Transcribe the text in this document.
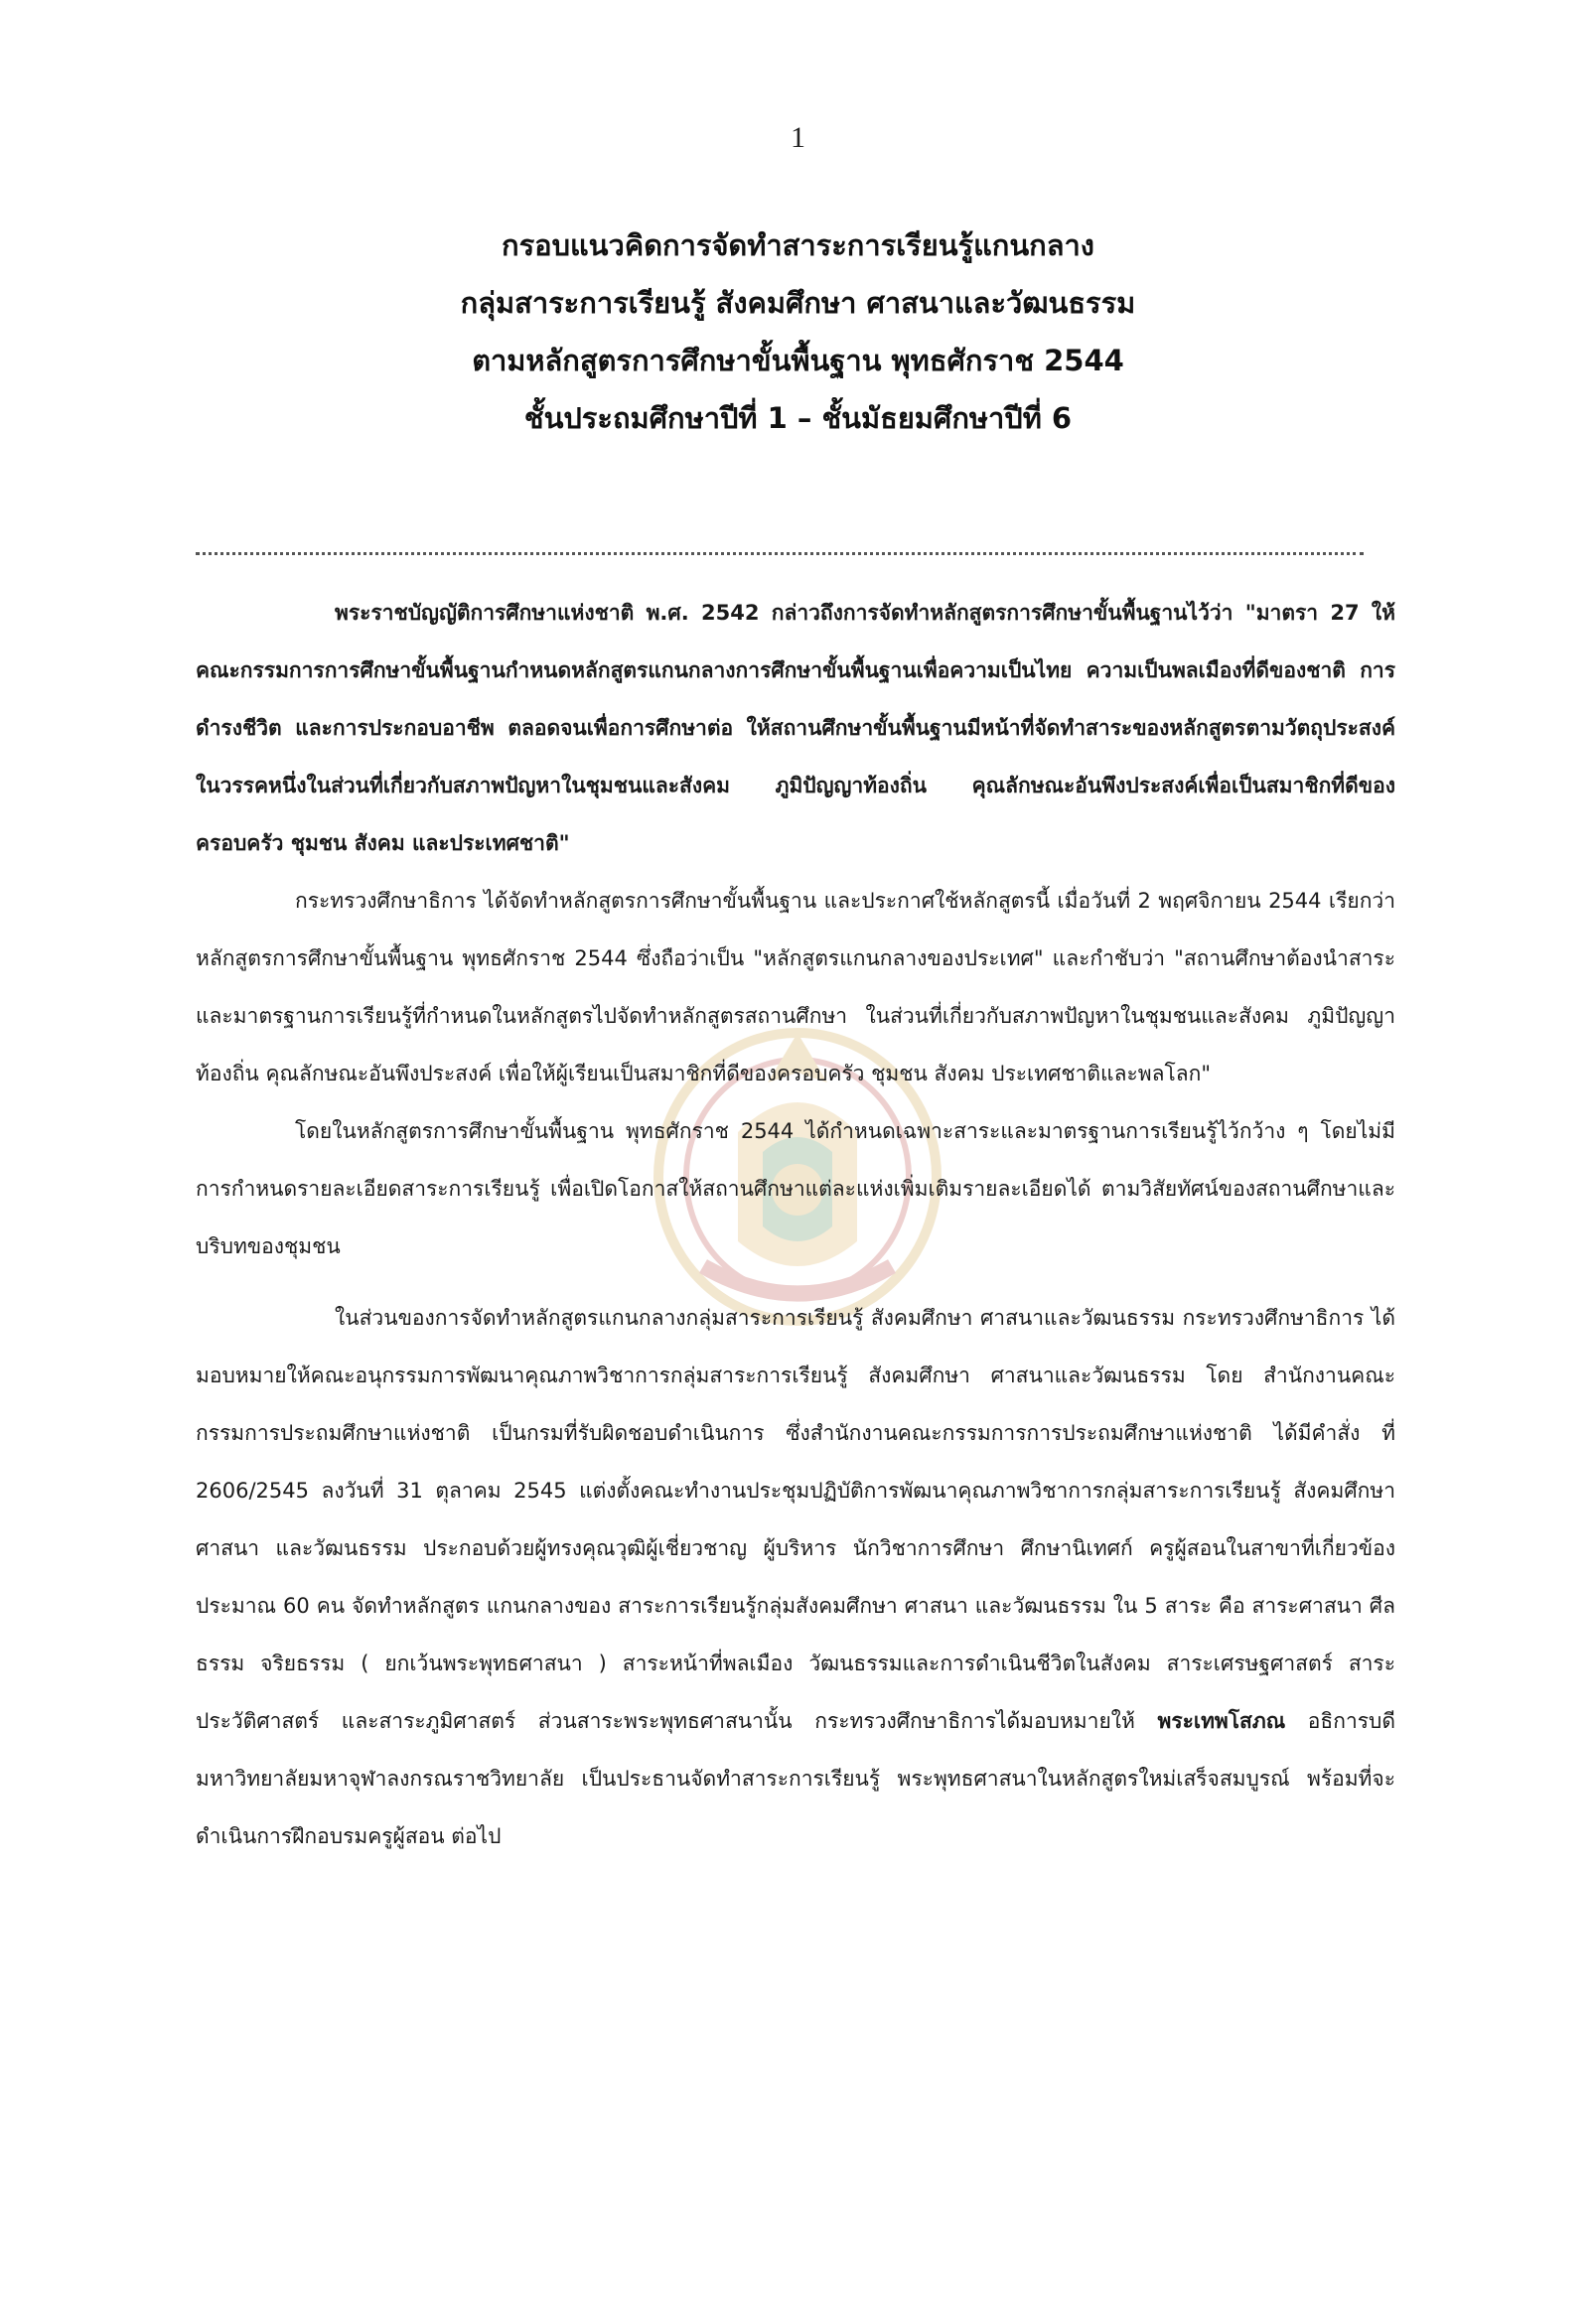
1
กรอบแนวคิดการจัดทำสาระการเรียนรู้แกนกลาง
กลุ่มสาระการเรียนรู้ สังคมศึกษา ศาสนาและวัฒนธรรม
ตามหลักสูตรการศึกษาขั้นพื้นฐาน พุทธศักราช 2544
ชั้นประถมศึกษาปีที่ 1 – ชั้นมัธยมศึกษาปีที่ 6

พระราชบัญญัติการศึกษาแห่งชาติ พ.ศ. 2542 กล่าวถึงการจัดทำหลักสูตรการศึกษาขั้นพื้นฐานไว้ว่า "มาตรา 27 ให้คณะกรรมการการศึกษาขั้นพื้นฐานกำหนดหลักสูตรแกนกลางการศึกษาขั้นพื้นฐานเพื่อความเป็นไทย ความเป็นพลเมืองที่ดีของชาติ การดำรงชีวิต และการประกอบอาชีพ ตลอดจนเพื่อการศึกษาต่อ ให้สถานศึกษาขั้นพื้นฐานมีหน้าที่จัดทำสาระของหลักสูตรตามวัตถุประสงค์ในวรรคหนึ่งในส่วนที่เกี่ยวกับสภาพปัญหาในชุมชนและสังคม ภูมิปัญญาท้องถิ่น คุณลักษณะอันพึงประสงค์เพื่อเป็นสมาชิกที่ดีของครอบครัว ชุมชน สังคม และประเทศชาติ"

กระทรวงศึกษาธิการ ได้จัดทำหลักสูตรการศึกษาขั้นพื้นฐาน และประกาศใช้หลักสูตรนี้ เมื่อวันที่ 2 พฤศจิกายน 2544 เรียกว่า หลักสูตรการศึกษาขั้นพื้นฐาน พุทธศักราช 2544 ซึ่งถือว่าเป็น "หลักสูตรแกนกลางของประเทศ" และกำชับว่า "สถานศึกษาต้องนำสาระและมาตรฐานการเรียนรู้ที่กำหนดในหลักสูตรไปจัดทำหลักสูตรสถานศึกษา ในส่วนที่เกี่ยวกับสภาพปัญหาในชุมชนและสังคม ภูมิปัญญาท้องถิ่น คุณลักษณะอันพึงประสงค์ เพื่อให้ผู้เรียนเป็นสมาชิกที่ดีของครอบครัว ชุมชน สังคม ประเทศชาติและพลโลก"

โดยในหลักสูตรการศึกษาขั้นพื้นฐาน พุทธศักราช 2544 ได้กำหนดเฉพาะสาระและมาตรฐานการเรียนรู้ไว้กว้าง ๆ โดยไม่มีการกำหนดรายละเอียดสาระการเรียนรู้ เพื่อเปิดโอกาสให้สถานศึกษาแต่ละแห่งเพิ่มเติมรายละเอียดได้ ตามวิสัยทัศน์ของสถานศึกษาและบริบทของชุมชน

ในส่วนของการจัดทำหลักสูตรแกนกลางกลุ่มสาระการเรียนรู้ สังคมศึกษา ศาสนาและวัฒนธรรม กระทรวงศึกษาธิการ ได้มอบหมายให้คณะอนุกรรมการพัฒนาคุณภาพวิชาการกลุ่มสาระการเรียนรู้ สังคมศึกษา ศาสนาและวัฒนธรรม โดย สำนักงานคณะกรรมการประถมศึกษาแห่งชาติ เป็นกรมที่รับผิดชอบดำเนินการ ซึ่งสำนักงานคณะกรรมการการประถมศึกษาแห่งชาติ ได้มีคำสั่ง ที่ 2606/2545 ลงวันที่ 31 ตุลาคม 2545 แต่งตั้งคณะทำงานประชุมปฏิบัติการพัฒนาคุณภาพวิชาการกลุ่มสาระการเรียนรู้ สังคมศึกษา ศาสนา และวัฒนธรรม ประกอบด้วยผู้ทรงคุณวุฒิผู้เชี่ยวชาญ ผู้บริหาร นักวิชาการศึกษา ศึกษานิเทศก์ ครูผู้สอนในสาขาที่เกี่ยวข้องประมาณ 60 คน จัดทำหลักสูตร แกนกลางของ สาระการเรียนรู้กลุ่มสังคมศึกษา ศาสนา และวัฒนธรรม ใน 5 สาระ คือ สาระศาสนา ศีลธรรม จริยธรรม ( ยกเว้นพระพุทธศาสนา ) สาระหน้าที่พลเมือง วัฒนธรรมและการดำเนินชีวิตในสังคม สาระเศรษฐศาสตร์ สาระประวัติศาสตร์ และสาระภูมิศาสตร์ ส่วนสาระพระพุทธศาสนานั้น กระทรวงศึกษาธิการได้มอบหมายให้ พระเทพโสภณ อธิการบดีมหาวิทยาลัยมหาจุฬาลงกรณราชวิทยาลัย เป็นประธานจัดทำสาระการเรียนรู้ พระพุทธศาสนาในหลักสูตรใหม่เสร็จสมบูรณ์ พร้อมที่จะดำเนินการฝึกอบรมครูผู้สอน ต่อไป
